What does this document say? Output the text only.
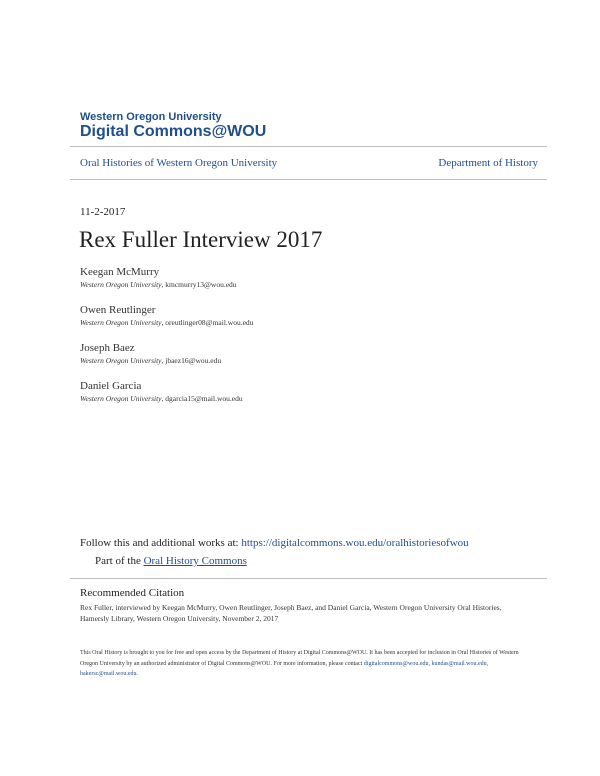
Western Oregon University
Digital Commons@WOU
Oral Histories of Western Oregon University	Department of History
11-2-2017
Rex Fuller Interview 2017
Keegan McMurry
Western Oregon University, kmcmurry13@wou.edu
Owen Reutlinger
Western Oregon University, oreutlinger08@mail.wou.edu
Joseph Baez
Western Oregon University, jbaez16@wou.edu
Daniel Garcia
Western Oregon University, dgarcia15@mail.wou.edu
Follow this and additional works at: https://digitalcommons.wou.edu/oralhistoriesofwou
Part of the Oral History Commons
Recommended Citation
Rex Fuller, interviewed by Keegan McMurry, Owen Reutlinger, Joseph Baez, and Daniel Garcia, Western Oregon University Oral Histories, Hamersly Library, Western Oregon University, November 2, 2017
This Oral History is brought to you for free and open access by the Department of History at Digital Commons@WOU. It has been accepted for inclusion in Oral Histories of Western Oregon University by an authorized administrator of Digital Commons@WOU. For more information, please contact digitalcommons@wou.edu, kundas@mail.wou.edu, bakersc@mail.wou.edu.
